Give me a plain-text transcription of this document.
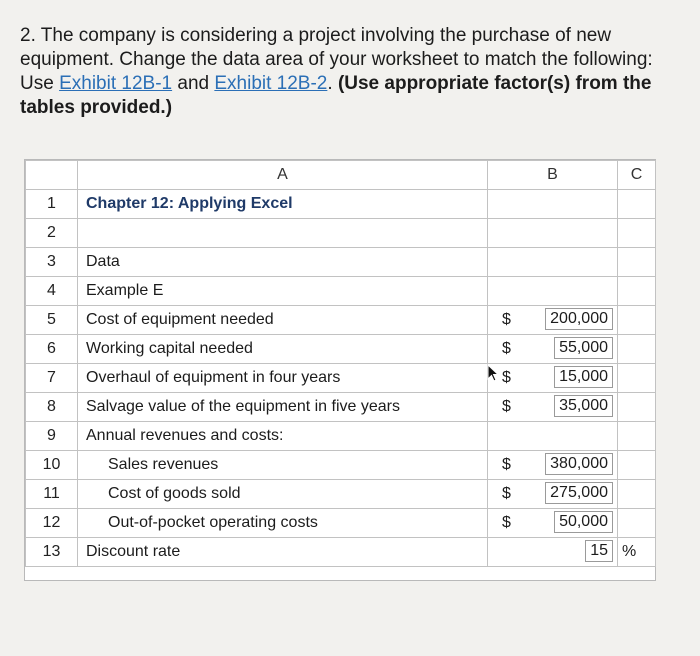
2. The company is considering a project involving the purchase of new equipment. Change the data area of your worksheet to match the following: Use Exhibit 12B-1 and Exhibit 12B-2. (Use appropriate factor(s) from the tables provided.)
	A	B	C
1	Chapter 12: Applying Excel		
2			
3	Data		
4	Example E		
5	Cost of equipment needed	$ 200,000	

6	Working capital needed	$ 55,000	

7	Overhaul of equipment in four years	$ 15,000	

8	Salvage value of the equipment in five years	$ 35,000	

9	Annual revenues and costs:		
10	Sales revenues	$ 380,000	

11	Cost of goods sold	$ 275,000	

12	Out-of-pocket operating costs	$ 50,000	

13	Discount rate	15	%
